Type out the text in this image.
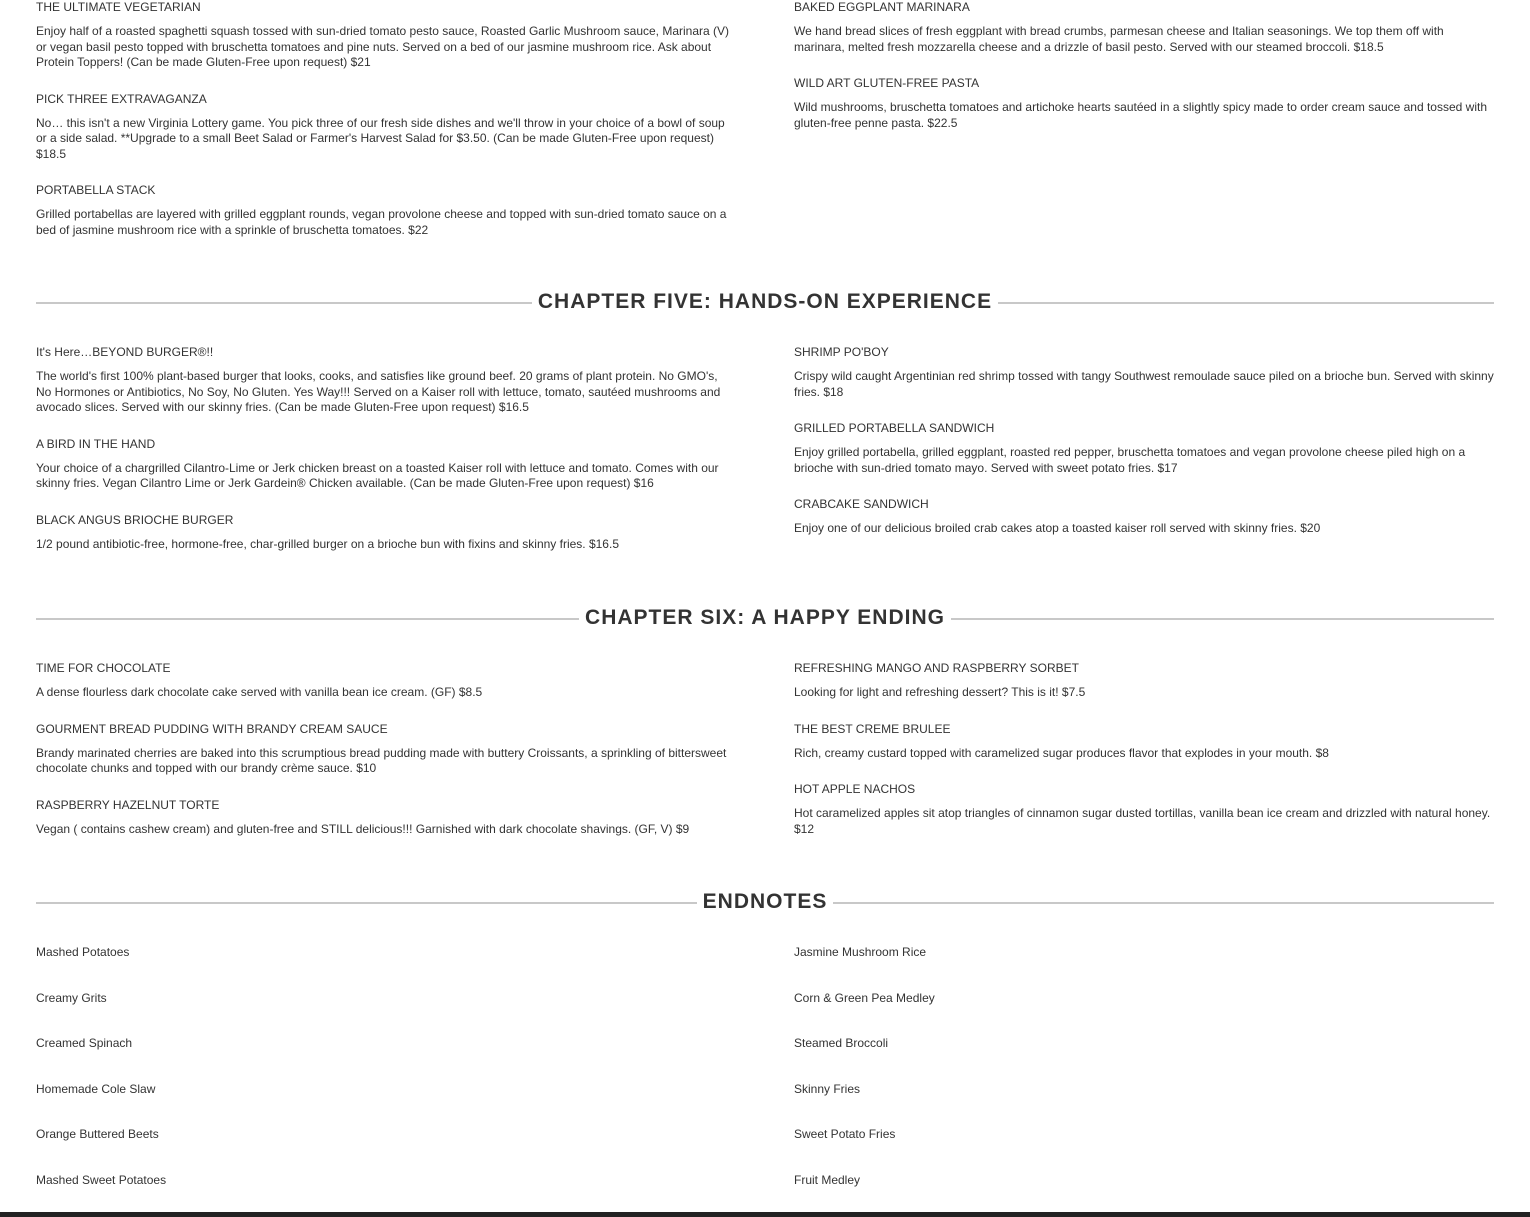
THE ULTIMATE VEGETARIAN

Enjoy half of a roasted spaghetti squash tossed with sun-dried tomato pesto sauce, Roasted Garlic Mushroom sauce, Marinara (V) or vegan basil pesto topped with bruschetta tomatoes and pine nuts. Served on a bed of our jasmine mushroom rice. Ask about Protein Toppers! (Can be made Gluten-Free upon request) $21

PICK THREE EXTRAVAGANZA

No… this isn't a new Virginia Lottery game. You pick three of our fresh side dishes and we'll throw in your choice of a bowl of soup or a side salad. **Upgrade to a small Beet Salad or Farmer's Harvest Salad for $3.50. (Can be made Gluten-Free upon request) $18.5

PORTABELLA STACK

Grilled portabellas are layered with grilled eggplant rounds, vegan provolone cheese and topped with sun-dried tomato sauce on a bed of jasmine mushroom rice with a sprinkle of bruschetta tomatoes. $22

BAKED EGGPLANT MARINARA

We hand bread slices of fresh eggplant with bread crumbs, parmesan cheese and Italian seasonings. We top them off with marinara, melted fresh mozzarella cheese and a drizzle of basil pesto. Served with our steamed broccoli. $18.5

WILD ART GLUTEN-FREE PASTA

Wild mushrooms, bruschetta tomatoes and artichoke hearts sautéed in a slightly spicy made to order cream sauce and tossed with gluten-free penne pasta. $22.5

CHAPTER FIVE: HANDS-ON EXPERIENCE
It's Here…BEYOND BURGER®!!

The world's first 100% plant-based burger that looks, cooks, and satisfies like ground beef. 20 grams of plant protein. No GMO's, No Hormones or Antibiotics, No Soy, No Gluten. Yes Way!!! Served on a Kaiser roll with lettuce, tomato, sautéed mushrooms and avocado slices. Served with our skinny fries. (Can be made Gluten-Free upon request) $16.5

A BIRD IN THE HAND

Your choice of a chargrilled Cilantro-Lime or Jerk chicken breast on a toasted Kaiser roll with lettuce and tomato. Comes with our skinny fries. Vegan Cilantro Lime or Jerk Gardein® Chicken available. (Can be made Gluten-Free upon request) $16

BLACK ANGUS BRIOCHE BURGER

1/2 pound antibiotic-free, hormone-free, char-grilled burger on a brioche bun with fixins and skinny fries. $16.5

SHRIMP PO'BOY

Crispy wild caught Argentinian red shrimp tossed with tangy Southwest remoulade sauce piled on a brioche bun. Served with skinny fries. $18

GRILLED PORTABELLA SANDWICH

Enjoy grilled portabella, grilled eggplant, roasted red pepper, bruschetta tomatoes and vegan provolone cheese piled high on a brioche with sun-dried tomato mayo. Served with sweet potato fries. $17

CRABCAKE SANDWICH

Enjoy one of our delicious broiled crab cakes atop a toasted kaiser roll served with skinny fries. $20

CHAPTER SIX: A HAPPY ENDING
TIME FOR CHOCOLATE

A dense flourless dark chocolate cake served with vanilla bean ice cream. (GF) $8.5

GOURMENT BREAD PUDDING WITH BRANDY CREAM SAUCE

Brandy marinated cherries are baked into this scrumptious bread pudding made with buttery Croissants, a sprinkling of bittersweet chocolate chunks and topped with our brandy crème sauce. $10

RASPBERRY HAZELNUT TORTE

Vegan ( contains cashew cream) and gluten-free and STILL delicious!!! Garnished with dark chocolate shavings. (GF, V) $9

REFRESHING MANGO AND RASPBERRY SORBET

Looking for light and refreshing dessert? This is it! $7.5

THE BEST CREME BRULEE

Rich, creamy custard topped with caramelized sugar produces flavor that explodes in your mouth. $8

HOT APPLE NACHOS

Hot caramelized apples sit atop triangles of cinnamon sugar dusted tortillas, vanilla bean ice cream and drizzled with natural honey. $12

ENDNOTES
Mashed Potatoes
Creamy Grits
Creamed Spinach
Homemade Cole Slaw
Orange Buttered Beets
Mashed Sweet Potatoes
Jasmine Mushroom Rice
Corn & Green Pea Medley
Steamed Broccoli
Skinny Fries
Sweet Potato Fries
Fruit Medley
